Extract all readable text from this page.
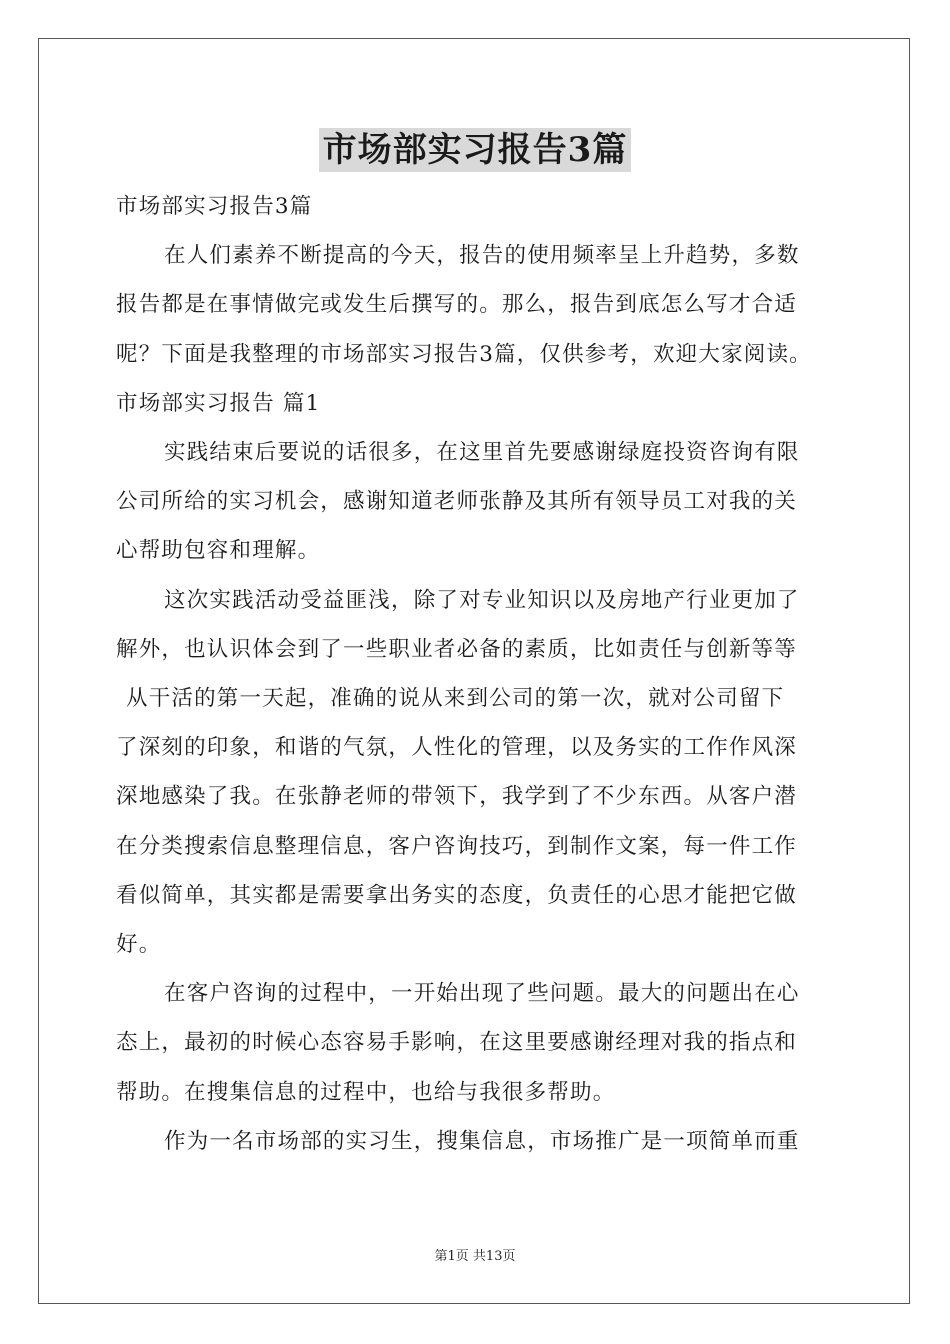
市场部实习报告3篇
市场部实习报告3篇
在人们素养不断提高的今天，报告的使用频率呈上升趋势，多数
报告都是在事情做完或发生后撰写的。那么，报告到底怎么写才合适
呢？下面是我整理的市场部实习报告3篇，仅供参考，欢迎大家阅读。
市场部实习报告 篇1
实践结束后要说的话很多，在这里首先要感谢绿庭投资咨询有限
公司所给的实习机会，感谢知道老师张静及其所有领导员工对我的关
心帮助包容和理解。
这次实践活动受益匪浅，除了对专业知识以及房地产行业更加了
解外，也认识体会到了一些职业者必备的素质，比如责任与创新等等
从干活的第一天起，准确的说从来到公司的第一次，就对公司留下
了深刻的印象，和谐的气氛，人性化的管理，以及务实的工作作风深
深地感染了我。在张静老师的带领下，我学到了不少东西。从客户潜
在分类搜索信息整理信息，客户咨询技巧，到制作文案，每一件工作
看似简单，其实都是需要拿出务实的态度，负责任的心思才能把它做
好。
在客户咨询的过程中，一开始出现了些问题。最大的问题出在心
态上，最初的时候心态容易手影响，在这里要感谢经理对我的指点和
帮助。在搜集信息的过程中，也给与我很多帮助。
作为一名市场部的实习生，搜集信息，市场推广是一项简单而重
第1页 共13页
